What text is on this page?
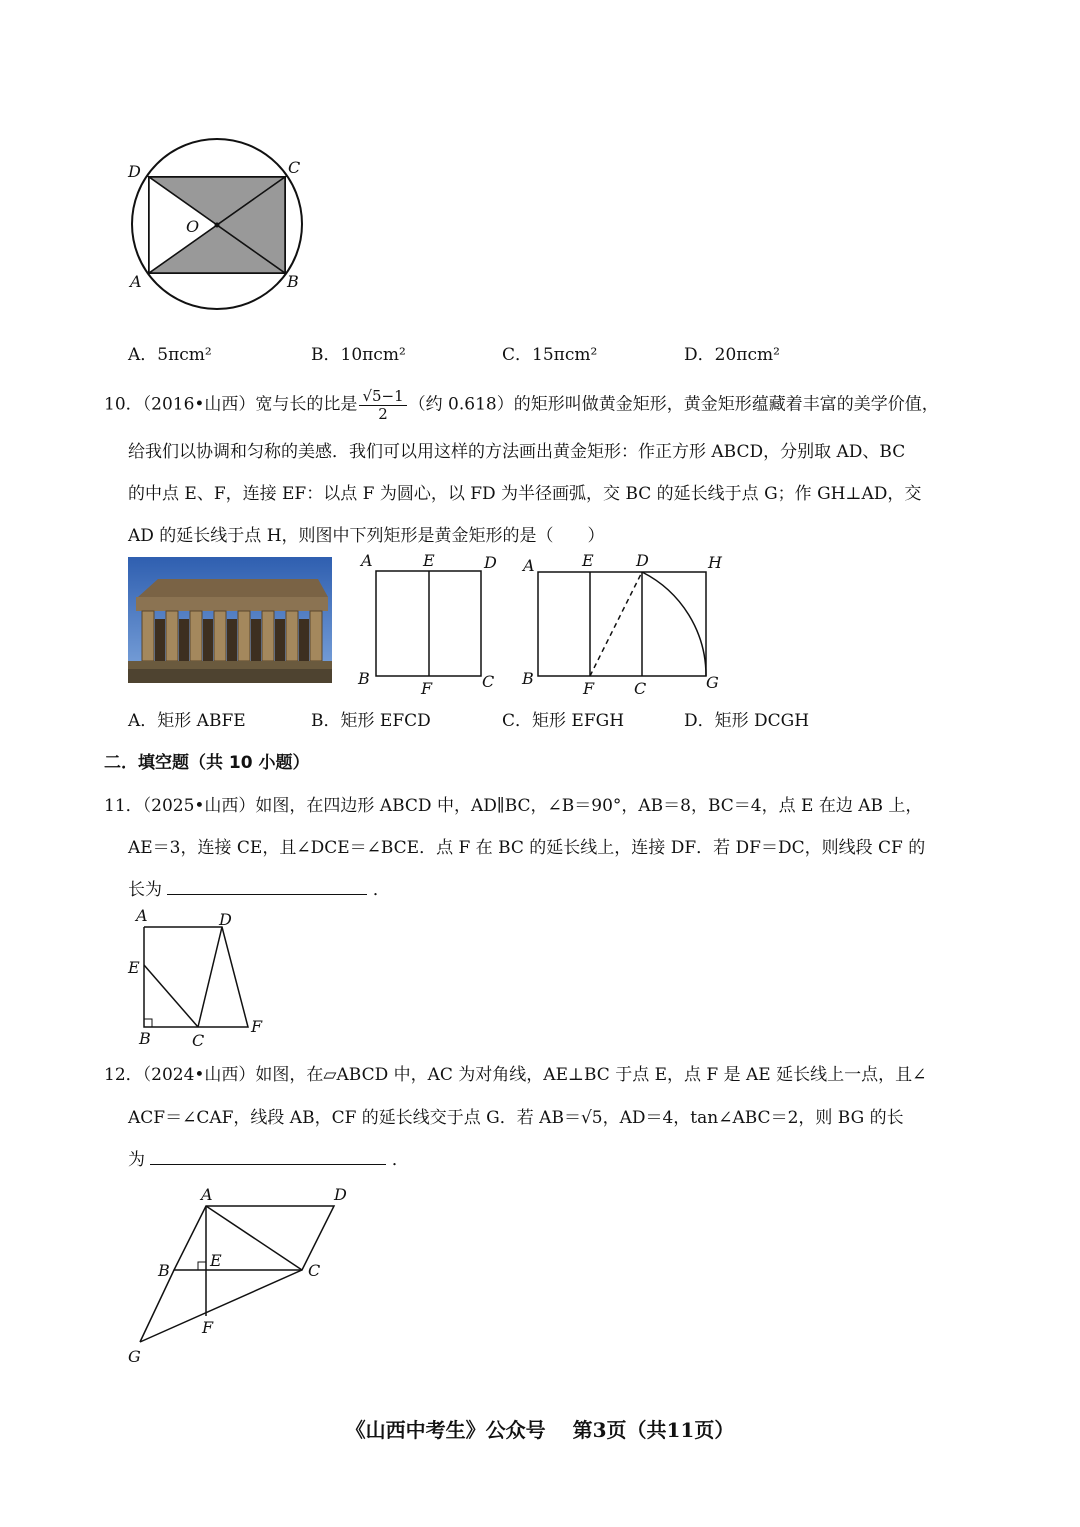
D	C
O
A	B
A．5πcm²	B．10πcm²	C．15πcm²	D．20πcm²
10．（2016•山西）宽与长的比是 $\frac{√5-1}{2}$ （约 0.618）的矩形叫做黄金矩形，黄金矩形蕴藏着丰富的美学价值，
给我们以协调和匀称的美感．我们可以用这样的方法画出黄金矩形：作正方形 ABCD，分别取 AD、BC
的中点 E、F，连接 EF：以点 F 为圆心，以 FD 为半径画弧，交 BC 的延长线于点 G；作 GH⊥AD，交
AD 的延长线于点 H，则图中下列矩形是黄金矩形的是（　　）
A	E	D
B
F	C
A	E	D	H
B
F C	G
A．矩形 ABFE	B．矩形 EFCD	C．矩形 EFGH	D．矩形 DCGH
二．填空题（共 10 小题）
11．（2025•山西）如图，在四边形 ABCD 中，AD∥BC，∠B＝90°，AB＝8，BC＝4，点 E 在边 AB 上，
AE＝3，连接 CE，且∠DCE＝∠BCE．点 F 在 BC 的延长线上，连接 DF．若 DF＝DC，则线段 CF 的
长为	．
A	D
E
B	C
F
12．（2024•山西）如图，在▱ABCD 中，AC 为对角线，AE⊥BC 于点 E，点 F 是 AE 延长线上一点，且∠
ACF＝∠CAF，线段 AB，CF 的延长线交于点 G．若 AB＝√5，AD＝4，tan∠ABC＝2，则 BG 的长
为	．
A	D
B
E
C
F
G
《山西中考生》公众号　 第3页（共11页）
